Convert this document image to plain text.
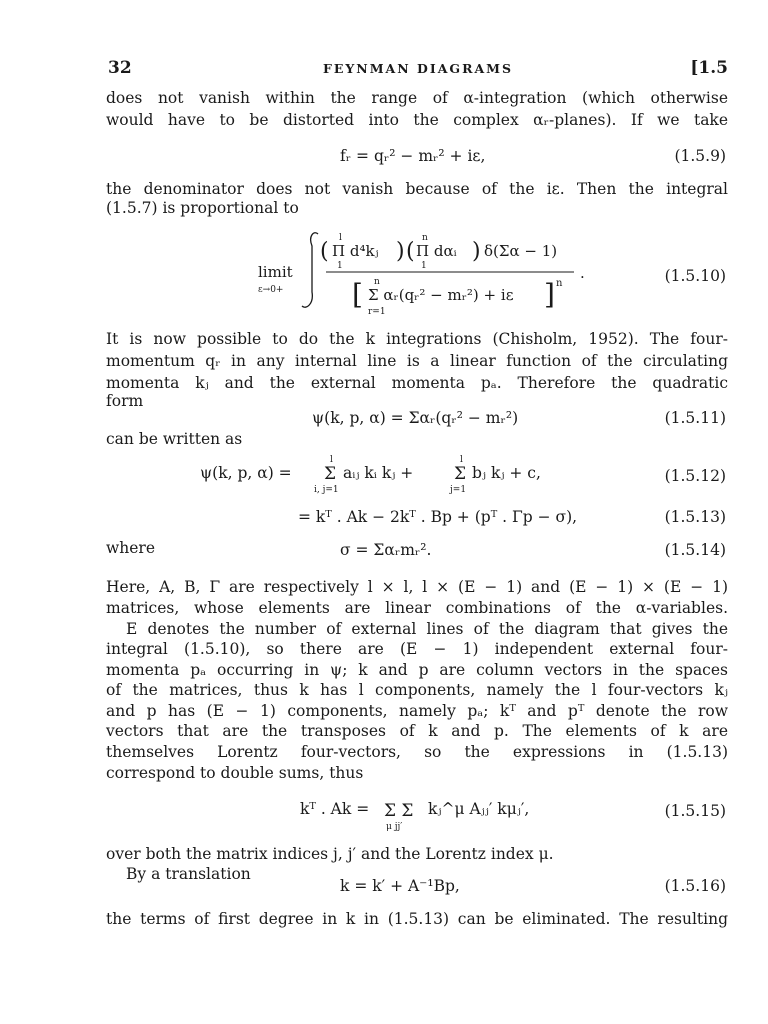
32	FEYNMAN DIAGRAMS	[1.5
does not vanish within the range of α-integration (which otherwise
would have to be distorted into the complex αᵣ-planes). If we take
fᵣ = qᵣ² − mᵣ² + iε,	(1.5.9)
the denominator does not vanish because of the iε. Then the integral
(1.5.7) is proportional to
limit
ε→0+
(
l
Π d⁴kⱼ
1
) (
n
Π dαᵢ
1
) δ(Σα − 1)
.
[ n
Σ αᵣ(qᵣ² − mᵣ²) + iε
r=1
] n	(1.5.10)
It is now possible to do the k integrations (Chisholm, 1952). The four-
momentum qᵣ in any internal line is a linear function of the circulating
momenta kⱼ and the external momenta pₐ. Therefore the quadratic
form
ψ(k, p, α) = Σαᵣ(qᵣ² − mᵣ²)	(1.5.11)
can be written as
ψ(k, p, α) =
l
Σ
i, j=1
aᵢⱼ kᵢ kⱼ +
l
Σ
j=1
bⱼ kⱼ + c,	(1.5.12)
= kᵀ . Ak − 2kᵀ . Bp + (pᵀ . Γp − σ),	(1.5.13)
where	σ = Σαᵣmᵣ².	(1.5.14)
Here, A, B, Γ are respectively l × l, l × (E − 1) and (E − 1) × (E − 1)
matrices, whose elements are linear combinations of the α-variables.
E denotes the number of external lines of the diagram that gives the
integral (1.5.10), so there are (E − 1) independent external four-
momenta pₐ occurring in ψ; k and p are column vectors in the spaces
of the matrices, thus k has l components, namely the l four-vectors kⱼ
and p has (E − 1) components, namely pₐ; kᵀ and pᵀ denote the row
vectors that are the transposes of k and p. The elements of k are
themselves Lorentz four-vectors, so the expressions in (1.5.13)
correspond to double sums, thus
kᵀ . Ak = Σ Σ
μ jj′
kⱼ^μ Aⱼⱼ′ kμⱼ′,	(1.5.15)
over both the matrix indices j, j′ and the Lorentz index μ.
By a translation
k = k′ + A⁻¹Bp,	(1.5.16)
the terms of first degree in k in (1.5.13) can be eliminated. The resulting
